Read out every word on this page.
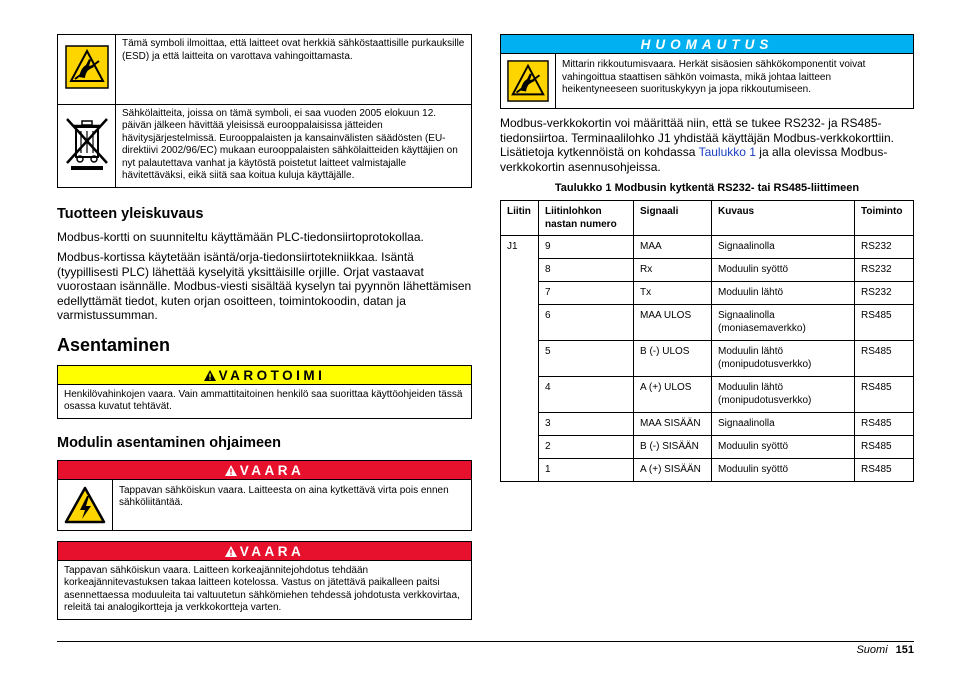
	Tämä symboli ilmoittaa, että laitteet ovat herkkiä sähköstaattisille purkauksille (ESD) ja että laitteita on varottava vahingoittamasta.
	Sähkölaitteita, joissa on tämä symboli, ei saa vuoden 2005 elokuun 12. päivän jälkeen hävittää yleisissä eurooppalaisissa jätteiden hävitysjärjestelmissä. Eurooppalaisten ja kansainvälisten säädösten (EU-direktiivi 2002/96/EC) mukaan eurooppalaisten sähkölaitteiden käyttäjien on nyt palautettava vanhat ja käytöstä poistetut laitteet valmistajalle hävitettäväksi, eikä siitä saa koitua kuluja käyttäjälle.
Tuotteen yleiskuvaus

Modbus-kortti on suunniteltu käyttämään PLC-tiedonsiirtoprotokollaa.

Modbus-kortissa käytetään isäntä/orja-tiedonsiirtotekniikkaa. Isäntä (tyypillisesti PLC) lähettää kyselyitä yksittäisille orjille. Orjat vastaavat vuorostaan isännälle. Modbus-viesti sisältää kyselyn tai pyynnön lähettämisen edellyttämät tiedot, kuten orjan osoitteen, toimintokoodin, datan ja varmistussumman.

Asentaminen
VAROTOIMI
Henkilövahinkojen vaara. Vain ammattitaitoinen henkilö saa suorittaa käyttöohjeiden tässä osassa kuvatut tehtävät.
Modulin asentaminen ohjaimeen
VAARA
Tappavan sähköiskun vaara. Laitteesta on aina kytkettävä virta pois ennen sähköliitäntää.
VAARA
Tappavan sähköiskun vaara. Laitteen korkeajännitejohdotus tehdään korkeajännitevastuksen takaa laitteen kotelossa. Vastus on jätettävä paikalleen paitsi asennettaessa moduuleita tai valtuutetun sähkömiehen tehdessä johdotusta verkkovirtaa, releitä tai analogikortteja ja verkkokortteja varten.
HUOMAUTUS
Mittarin rikkoutumisvaara. Herkät sisäosien sähkökomponentit voivat vahingoittua staattisen sähkön voimasta, mikä johtaa laitteen heikentyneeseen suorituskykyyn ja jopa rikkoutumiseen.

Modbus-verkkokortin voi määrittää niin, että se tukee RS232- ja RS485-tiedonsiirtoa. Terminaalilohko J1 yhdistää käyttäjän Modbus-verkkokorttiin. Lisätietoja kytkennöistä on kohdassa Taulukko 1 ja alla olevissa Modbus-verkkokortin asennusohjeissa.

Taulukko 1 Modbusin kytkentä RS232- tai RS485-liittimeen
Liitin	Liitinlohkon nastan numero	Signaali	Kuvaus	Toiminto
J1	9	MAA	Signaalinolla	RS232
	8	Rx	Moduulin syöttö	RS232
	7	Tx	Moduulin lähtö	RS232
	6	MAA ULOS	Signaalinolla (moniasemaverkko)	RS485
	5	B (-) ULOS	Moduulin lähtö (monipudotusverkko)	RS485
	4	A (+) ULOS	Moduulin lähtö (monipudotusverkko)	RS485
	3	MAA SISÄÄN	Signaalinolla	RS485
	2	B (-) SISÄÄN	Moduulin syöttö	RS485
	1	A (+) SISÄÄN	Moduulin syöttö	RS485
Suomi 151
